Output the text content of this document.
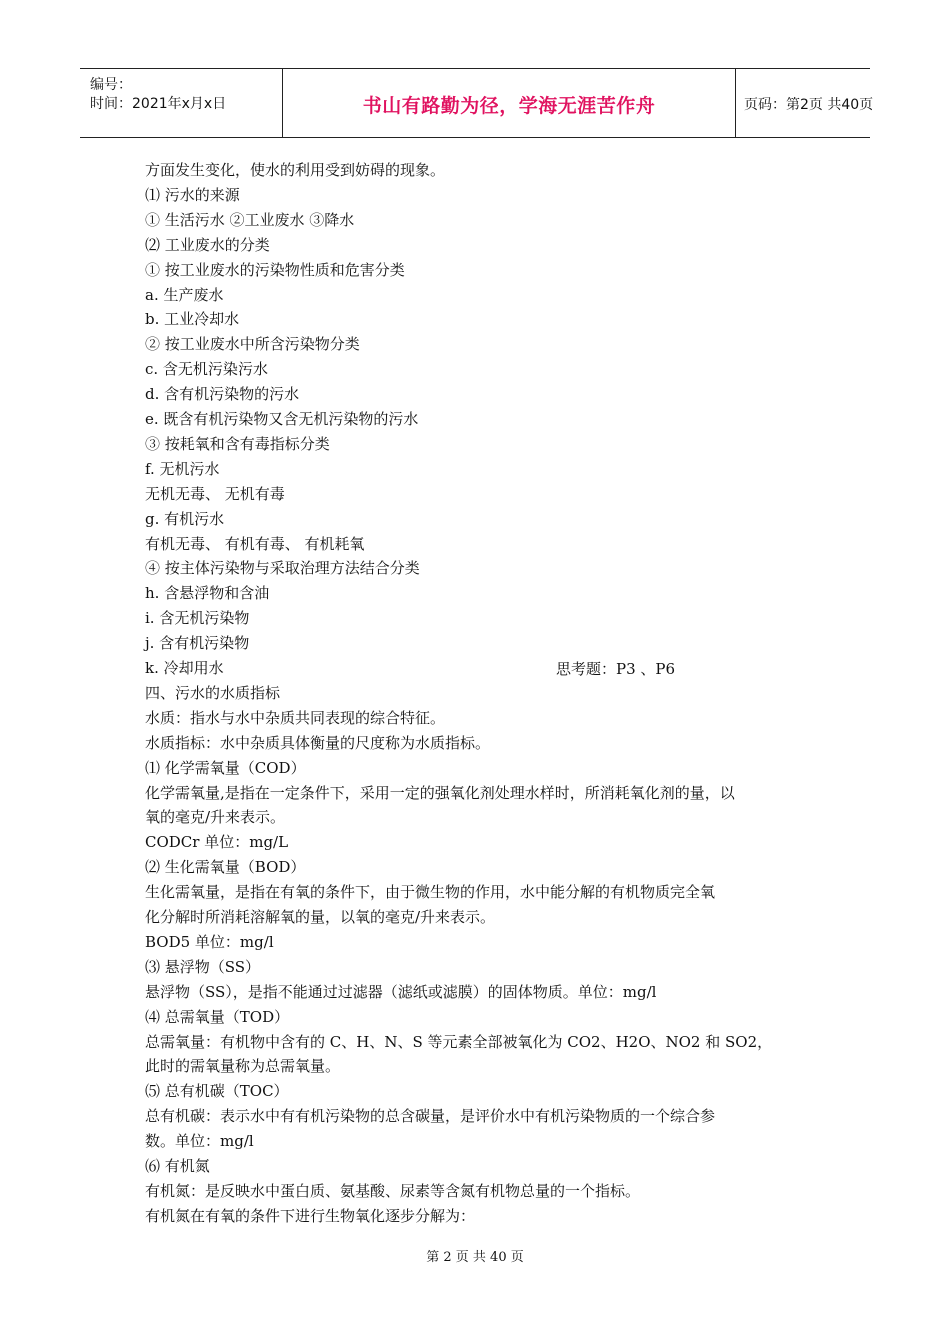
编号：
时间：2021年x月x日	书山有路勤为径，学海无涯苦作舟	页码：第2页 共40页
方面发生变化，使水的利用受到妨碍的现象。
⑴ 污水的来源
① 生活污水 ②工业废水 ③降水
⑵ 工业废水的分类
① 按工业废水的污染物性质和危害分类
a. 生产废水
b. 工业冷却水
② 按工业废水中所含污染物分类
c. 含无机污染污水
d. 含有机污染物的污水
e. 既含有机污染物又含无机污染物的污水
③ 按耗氧和含有毒指标分类
f. 无机污水
无机无毒、 无机有毒
g. 有机污水
有机无毒、 有机有毒、 有机耗氧
④ 按主体污染物与采取治理方法结合分类
h. 含悬浮物和含油
i. 含无机污染物
j. 含有机污染物
k. 冷却用水
四、污水的水质指标
水质：指水与水中杂质共同表现的综合特征。
水质指标：水中杂质具体衡量的尺度称为水质指标。
⑴ 化学需氧量（COD）
化学需氧量,是指在一定条件下，采用一定的强氧化剂处理水样时，所消耗氧化剂的量，以
氧的毫克/升来表示。
CODCr 单位：mg/L
⑵ 生化需氧量（BOD）
生化需氧量，是指在有氧的条件下，由于微生物的作用，水中能分解的有机物质完全氧
化分解时所消耗溶解氧的量，以氧的毫克/升来表示。
BOD5 单位：mg/l
⑶ 悬浮物（SS）
悬浮物（SS），是指不能通过过滤器（滤纸或滤膜）的固体物质。单位：mg/l
⑷ 总需氧量（TOD）
总需氧量：有机物中含有的 C、H、N、S 等元素全部被氧化为 CO2、H2O、NO2 和 SO2，
此时的需氧量称为总需氧量。
⑸ 总有机碳（TOC）
总有机碳：表示水中有有机污染物的总含碳量，是评价水中有机污染物质的一个综合参
数。单位：mg/l
⑹ 有机氮
有机氮：是反映水中蛋白质、氨基酸、尿素等含氮有机物总量的一个指标。
有机氮在有氧的条件下进行生物氧化逐步分解为：
思考题：P3 、P6
第 2 页 共 40 页
